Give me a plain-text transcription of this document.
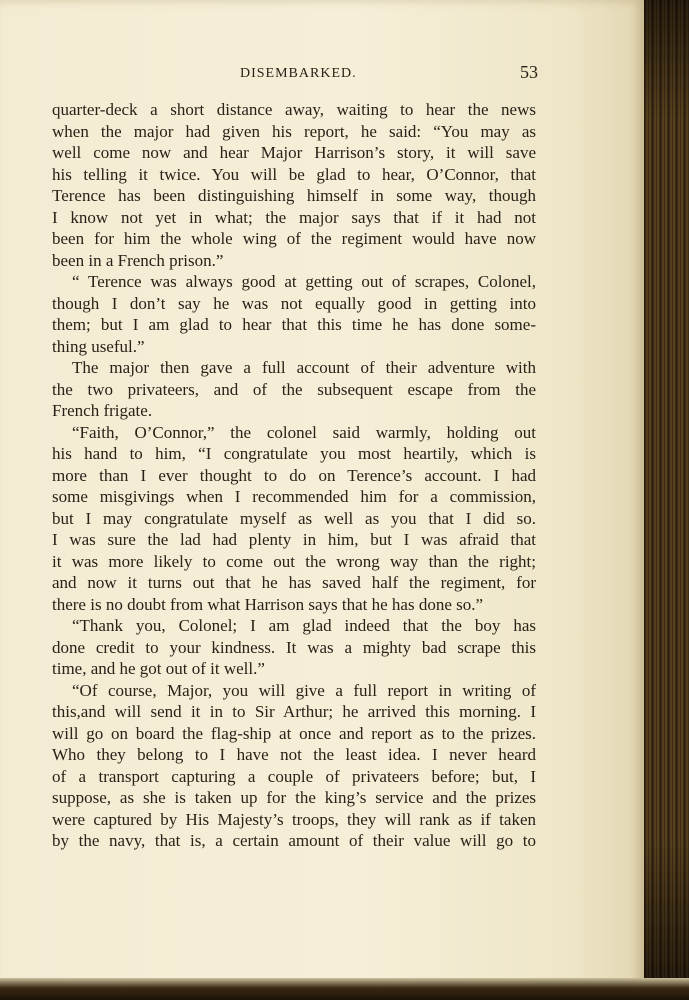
DISEMBARKED.	53
quarter-deck a short distance away, waiting to hear the news
when the major had given his report, he said: “You may as
well come now and hear Major Harrison’s story, it will save
his telling it twice. You will be glad to hear, O’Connor, that
Terence has been distinguishing himself in some way, though
I know not yet in what; the major says that if it had not
been for him the whole wing of the regiment would have now
been in a French prison.”
“ Terence was always good at getting out of scrapes, Colonel,
though I don’t say he was not equally good in getting into
them; but I am glad to hear that this time he has done some-
thing useful.”
The major then gave a full account of their adventure with
the two privateers, and of the subsequent escape from the
French frigate.
“Faith, O’Connor,” the colonel said warmly, holding out
his hand to him, “I congratulate you most heartily, which is
more than I ever thought to do on Terence’s account. I had
some misgivings when I recommended him for a commission,
but I may congratulate myself as well as you that I did so.
I was sure the lad had plenty in him, but I was afraid that
it was more likely to come out the wrong way than the right;
and now it turns out that he has saved half the regiment, for
there is no doubt from what Harrison says that he has done so.”
“Thank you, Colonel; I am glad indeed that the boy has
done credit to your kindness. It was a mighty bad scrape this
time, and he got out of it well.”
“Of course, Major, you will give a full report in writing of
this,and will send it in to Sir Arthur; he arrived this morning. I
will go on board the flag-ship at once and report as to the prizes.
Who they belong to I have not the least idea. I never heard
of a transport capturing a couple of privateers before; but, I
suppose, as she is taken up for the king’s service and the prizes
were captured by His Majesty’s troops, they will rank as if taken
by the navy, that is, a certain amount of their value will go to
